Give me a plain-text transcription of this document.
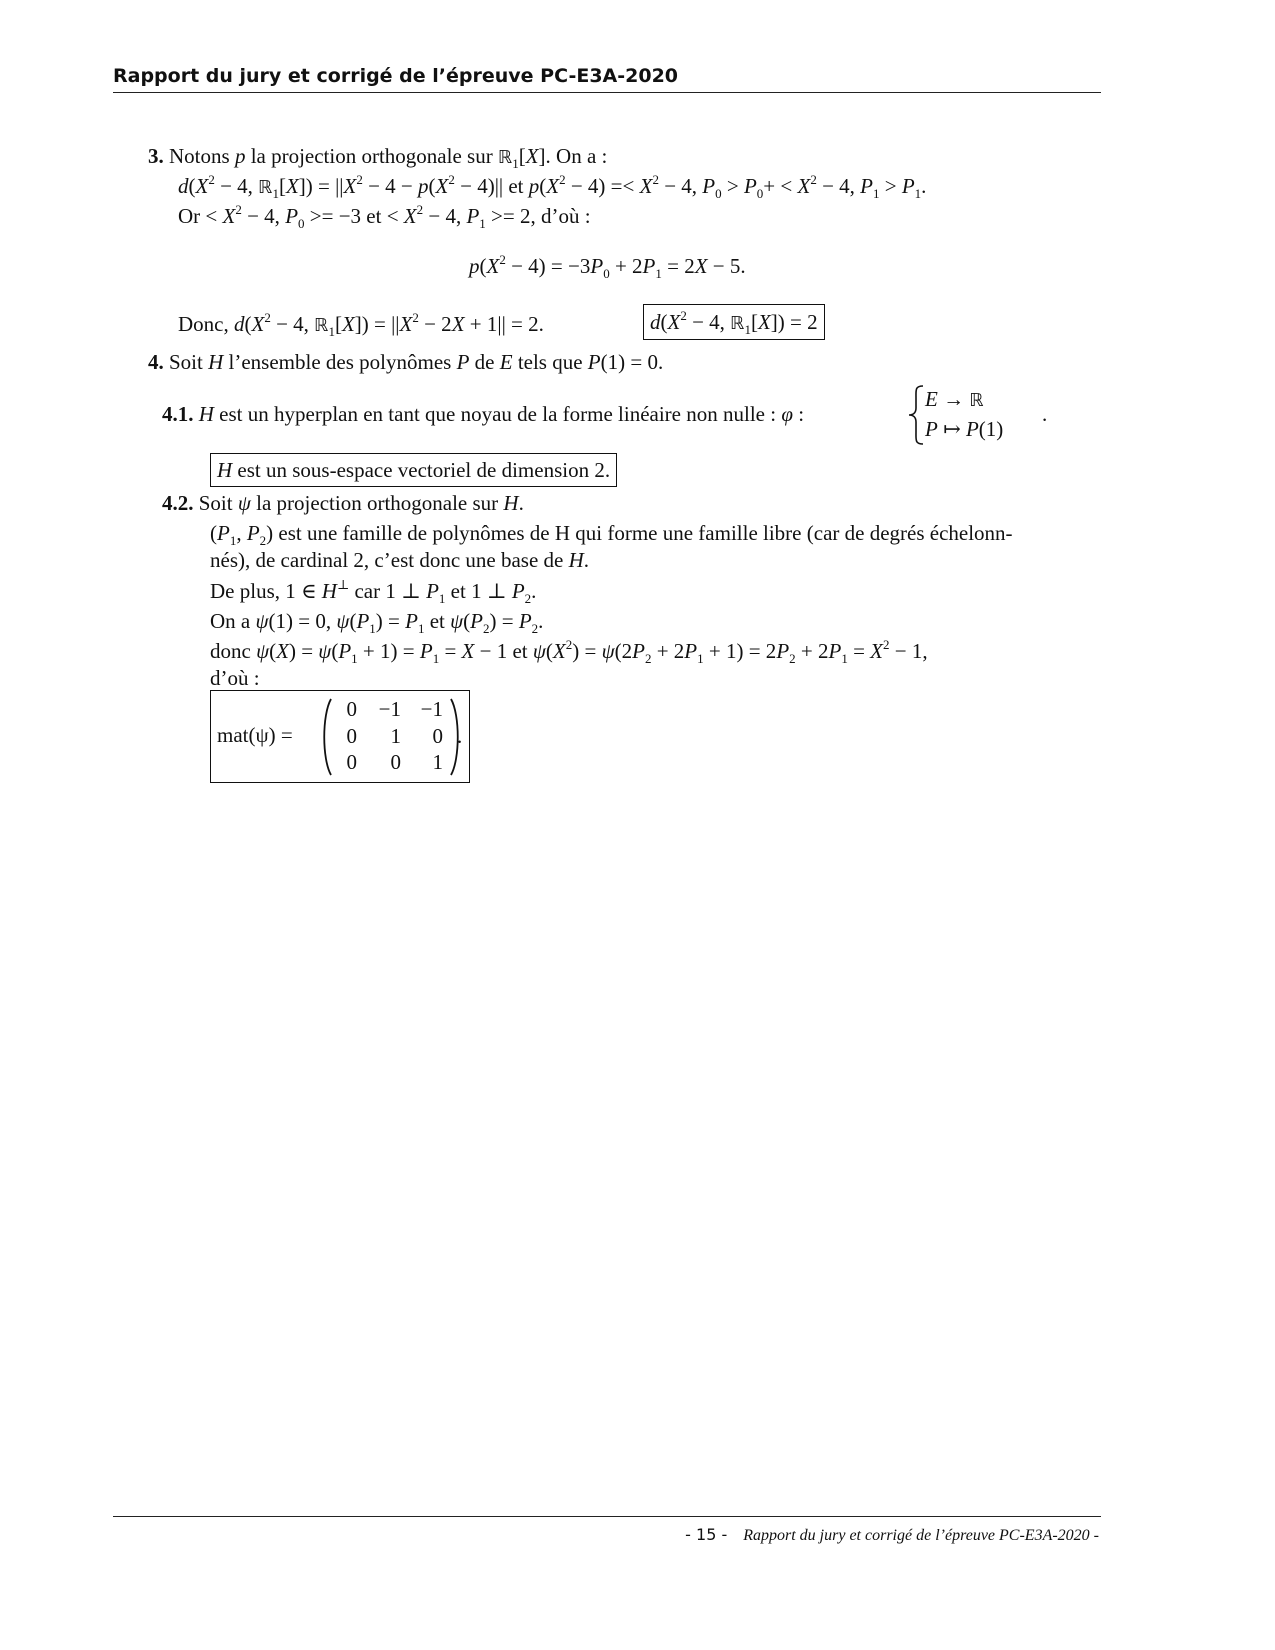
Rapport du jury et corrigé de l’épreuve PC-E3A-2020
3. Notons p la projection orthogonale sur ℝ$_1$[X]. On a :
$d(X^2 - 4$, ℝ$_1$[X]) = $||X^2 - 4 - p(X^2 - 4)||$ et $p(X^2 - 4) =< X^2 - 4$, $P_0 > P_0+ < X^2 - 4$, $P_1 > P_1$.
$Or < X^2 - 4$, $P_0 >= -3$ et < $X^2 - 4$, $P_1 >= 2$, d’où :
$p(X^2 - 4) = -3P_0 + 2P_1 = 2X - 5$.
Donc, $d(X^2 - 4$, ℝ$_1$[X]) = $||X^2 - 2X + 1|| = 2$.	$d(X^2 - 4$, ℝ$_1$[X]) = 2
4. Soit H l’ensemble des polynômes P de E tels que P(1) = 0.
4.1. H est un hyperplan en tant que noyau de la forme linéaire non nulle : φ :
E → ℝ
P ↦ P(1)
.
H est un sous-espace vectoriel de dimension 2.
4.2. Soit ψ la projection orthogonale sur H.
($P_1$, $P_2$) est une famille de polynômes de H qui forme une famille libre (car de degrés échelonn-
nés), de cardinal 2, c’est donc une base de H.
De plus, 1 ∈ H⊥ car 1 ⊥ $P_1$ et 1 ⊥ $P_2$.
On a ψ(1) = 0, $\psi(P_1) = P_1$ et $\psi(P_2) = P_2$.
donc $\psi(X) = \psi(P_1 + 1) = P_1 = X - 1$ et $\psi(X^2) = \psi(2P_2 + 2P_1 + 1) = 2P_2 + 2P_1 = X^2 - 1$,
d’où :
mat(ψ) =
0	−1 −1
0	1	0
0	0	1
.
- 15 - Rapport du jury et corrigé de l’épreuve PC-E3A-2020 -
